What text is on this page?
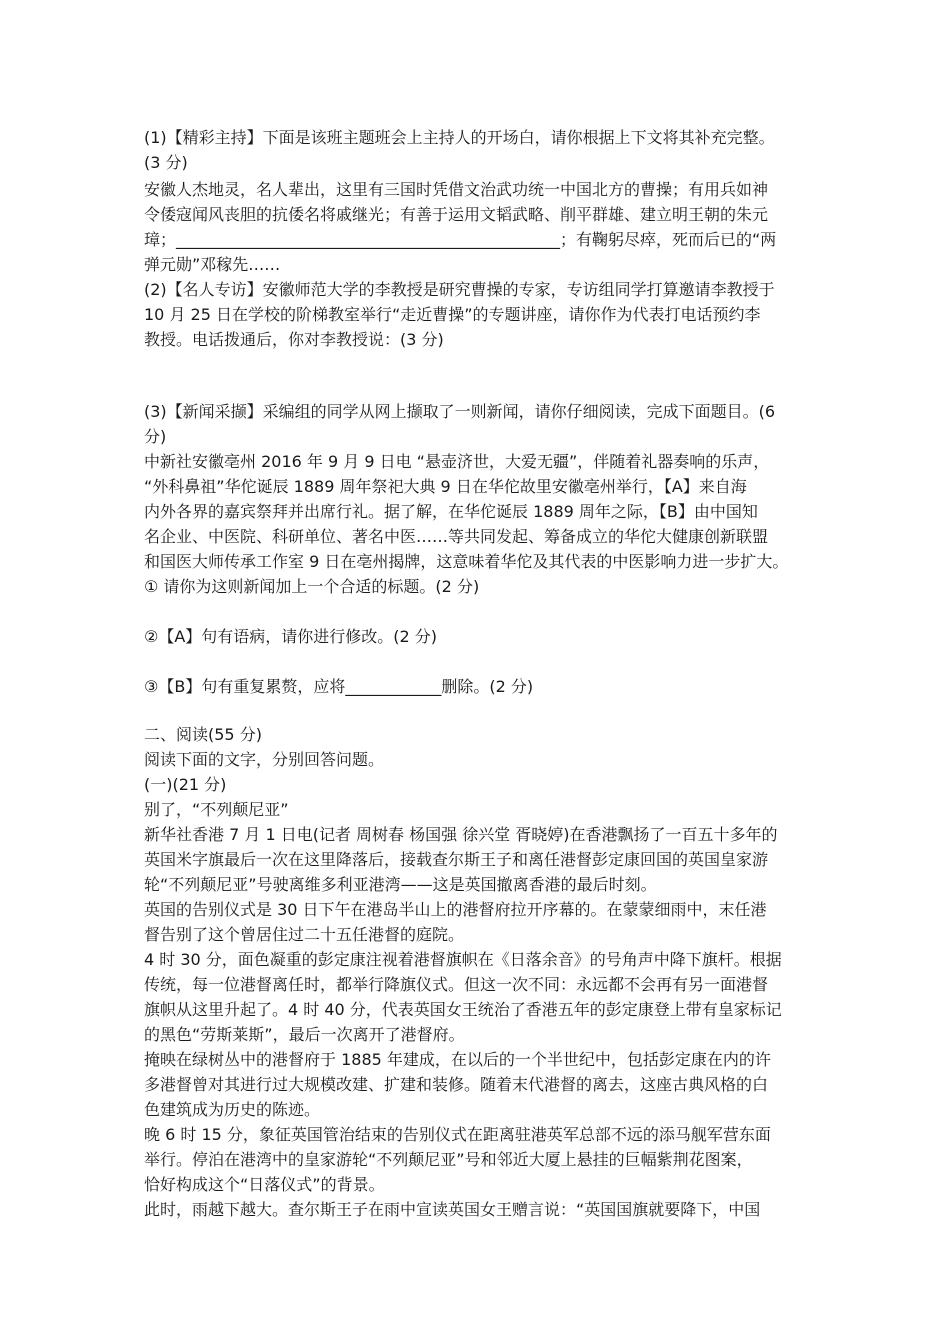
(1)【精彩主持】下面是该班主题班会上主持人的开场白，请你根据上下文将其补充完整。
(3 分)
安徽人杰地灵，名人辈出，这里有三国时凭借文治武功统一中国北方的曹操；有用兵如神
令倭寇闻风丧胆的抗倭名将戚继光；有善于运用文韬武略、削平群雄、建立明王朝的朱元
璋；________________________________________________；有鞠躬尽瘁，死而后已的“两
弹元勋”邓稼先……
(2)【名人专访】安徽师范大学的李教授是研究曹操的专家，专访组同学打算邀请李教授于
10 月 25 日在学校的阶梯教室举行“走近曹操”的专题讲座，请你作为代表打电话预约李
教授。电话拨通后，你对李教授说：(3 分)
(3)【新闻采撷】采编组的同学从网上撷取了一则新闻，请你仔细阅读，完成下面题目。(6
分)
中新社安徽亳州 2016 年 9 月 9 日电 “悬壶济世，大爱无疆”，伴随着礼器奏响的乐声，
“外科鼻祖”华佗诞辰 1889 周年祭祀大典 9 日在华佗故里安徽亳州举行，【A】来自海
内外各界的嘉宾祭拜并出席行礼。据了解，在华佗诞辰 1889 周年之际，【B】由中国知
名企业、中医院、科研单位、著名中医……等共同发起、筹备成立的华佗大健康创新联盟
和国医大师传承工作室 9 日在亳州揭牌，这意味着华佗及其代表的中医影响力进一步扩大。
① 请你为这则新闻加上一个合适的标题。(2 分)
②【A】句有语病，请你进行修改。(2 分)
③【B】句有重复累赘，应将____________删除。(2 分)
二、阅读(55 分)
阅读下面的文字，分别回答问题。
(一)(21 分)
别了，“不列颠尼亚”
新华社香港 7 月 1 日电(记者 周树春 杨国强 徐兴堂 胥晓婷)在香港飘扬了一百五十多年的
英国米字旗最后一次在这里降落后，接载查尔斯王子和离任港督彭定康回国的英国皇家游
轮“不列颠尼亚”号驶离维多利亚港湾——这是英国撤离香港的最后时刻。
英国的告别仪式是 30 日下午在港岛半山上的港督府拉开序幕的。在蒙蒙细雨中，末任港
督告别了这个曾居住过二十五任港督的庭院。
4 时 30 分，面色凝重的彭定康注视着港督旗帜在《日落余音》的号角声中降下旗杆。根据
传统，每一位港督离任时，都举行降旗仪式。但这一次不同：永远都不会再有另一面港督
旗帜从这里升起了。4 时 40 分，代表英国女王统治了香港五年的彭定康登上带有皇家标记
的黑色“劳斯莱斯”，最后一次离开了港督府。
掩映在绿树丛中的港督府于 1885 年建成，在以后的一个半世纪中，包括彭定康在内的许
多港督曾对其进行过大规模改建、扩建和装修。随着末代港督的离去，这座古典风格的白
色建筑成为历史的陈迹。
晚 6 时 15 分，象征英国管治结束的告别仪式在距离驻港英军总部不远的添马舰军营东面
举行。停泊在港湾中的皇家游轮“不列颠尼亚”号和邻近大厦上悬挂的巨幅紫荆花图案，
恰好构成这个“日落仪式”的背景。
此时，雨越下越大。查尔斯王子在雨中宣读英国女王赠言说：“英国国旗就要降下，中国
